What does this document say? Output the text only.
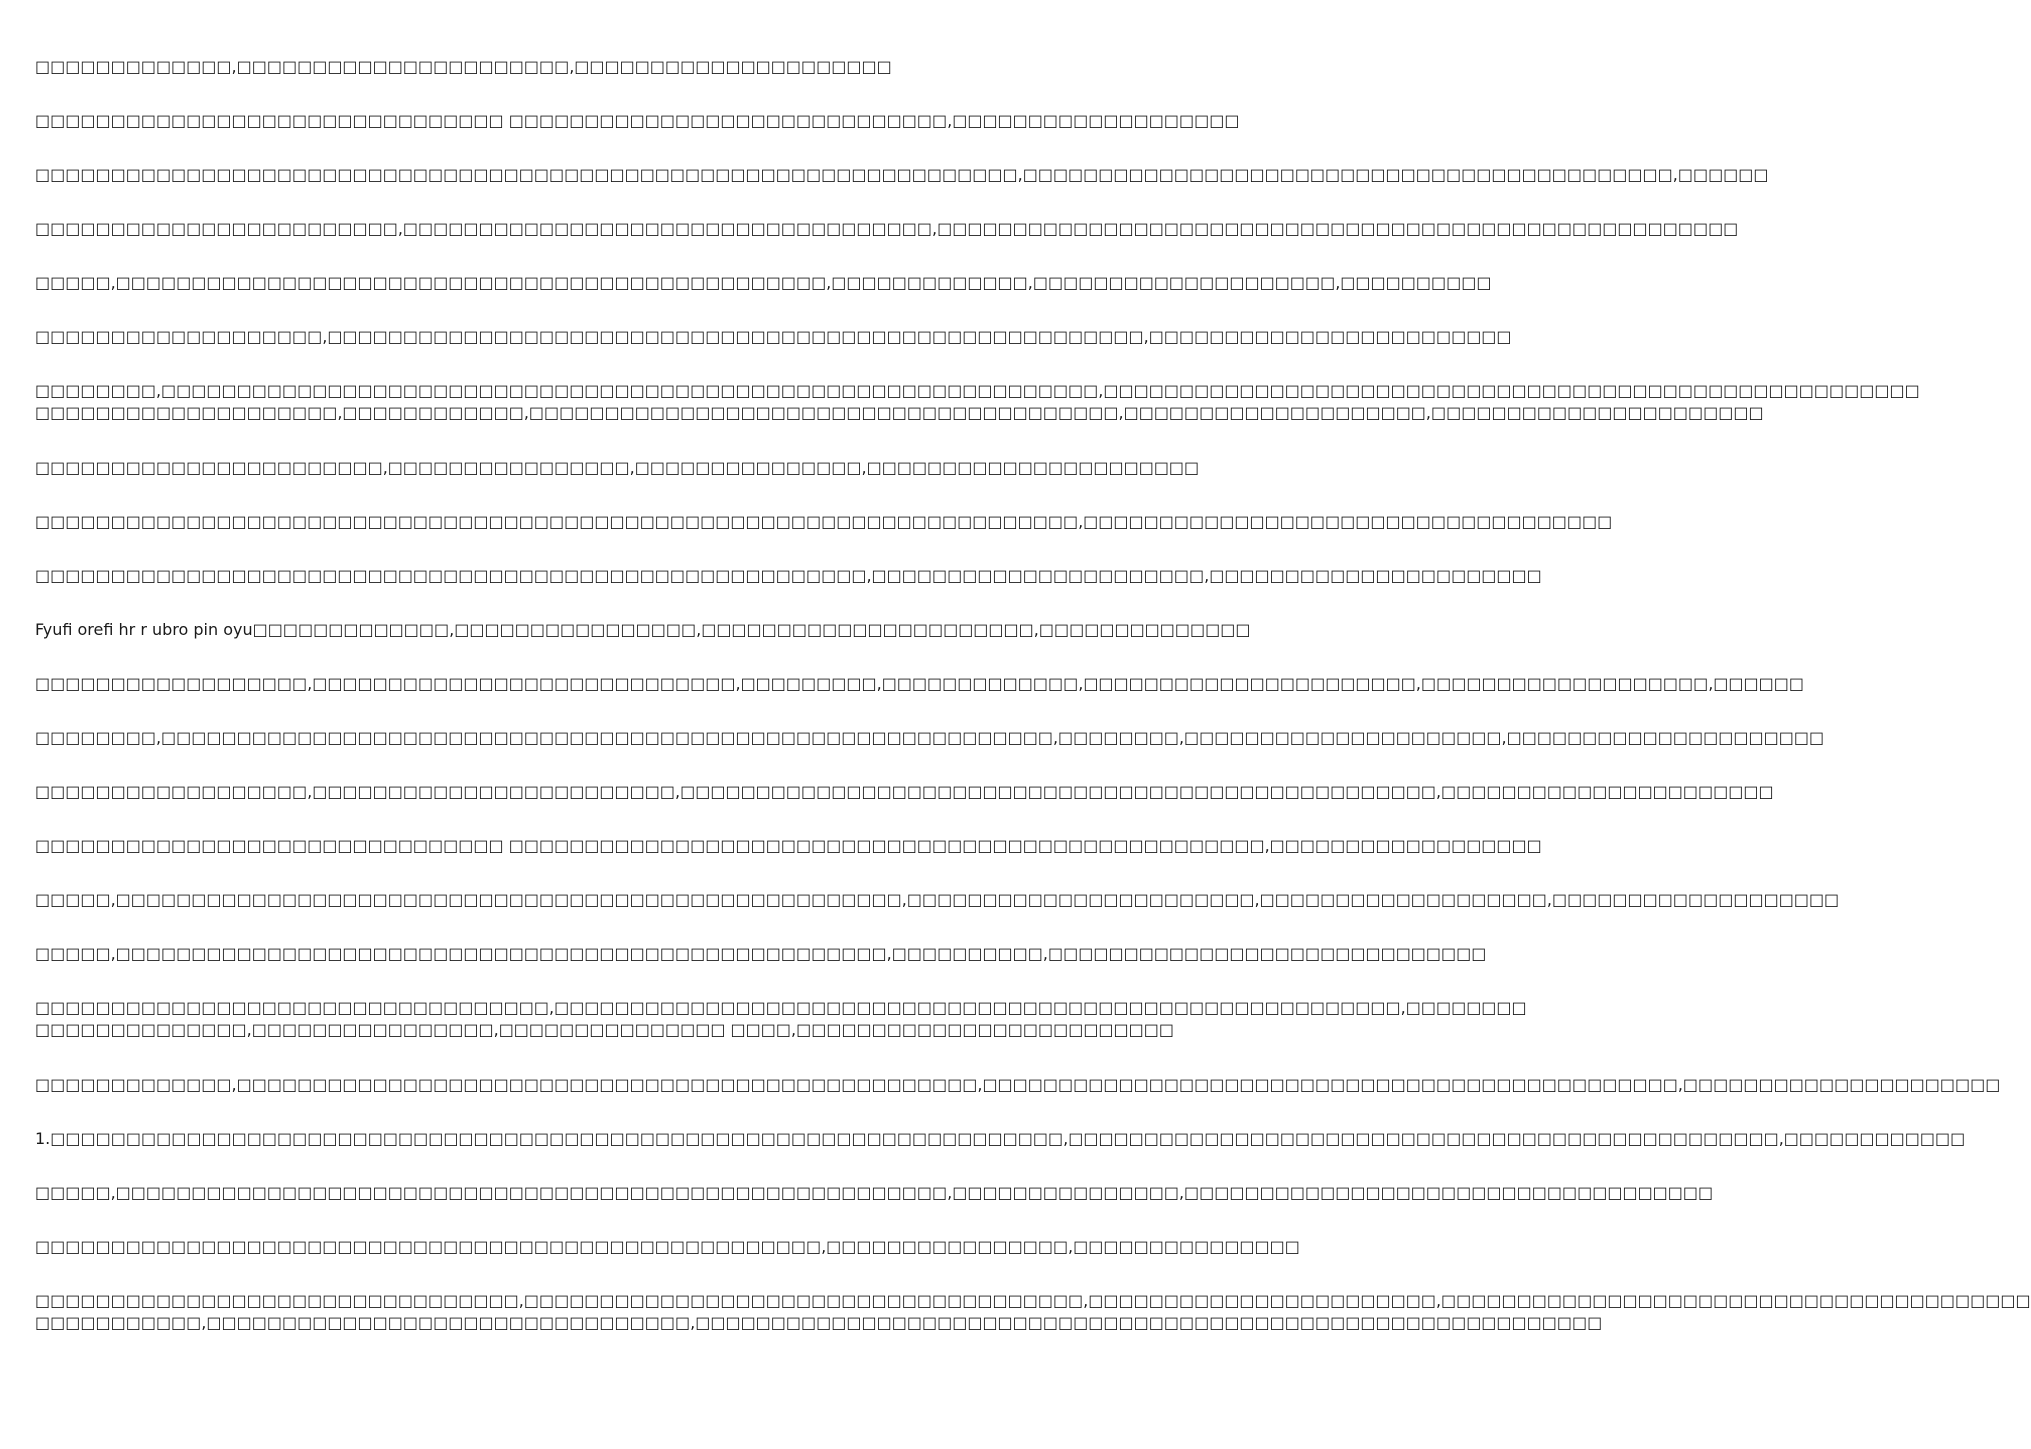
□□□□□□□□□□□□□,□□□□□□□□□□□□□□□□□□□□□□,□□□□□□□□□□□□□□□□□□□□□

□□□□□□□□□□□□□□□□□□□□□□□□□□□□□□□ □□□□□□□□□□□□□□□□□□□□□□□□□□□□□,□□□□□□□□□□□□□□□□□□□

□□□□□□□□□□□□□□□□□□□□□□□□□□□□□□□□□□□□□□□□□□□□□□□□□□□□□□□□□□□□□□□□□,□□□□□□□□□□□□□□□□□□□□□□□□□□□□□□□□□□□□□□□□□□□,□□□□□□

□□□□□□□□□□□□□□□□□□□□□□□□,□□□□□□□□□□□□□□□□□□□□□□□□□□□□□□□□□□□,□□□□□□□□□□□□□□□□□□□□□□□□□□□□□□□□□□□□□□□□□□□□□□□□□□□□□

□□□□□,□□□□□□□□□□□□□□□□□□□□□□□□□□□□□□□□□□□□□□□□□□□□□□□,□□□□□□□□□□□□□,□□□□□□□□□□□□□□□□□□□□,□□□□□□□□□□

□□□□□□□□□□□□□□□□□□□,□□□□□□□□□□□□□□□□□□□□□□□□□□□□□□□□□□□□□□□□□□□□□□□□□□□□□□,□□□□□□□□□□□□□□□□□□□□□□□□

□□□□□□□□,□□□□□□□□□□□□□□□□□□□□□□□□□□□□□□□□□□□□□□□□□□□□□□□□□□□□□□□□□□□□□□,□□□□□□□□□□□□□□□□□□□□□□□□□□□□□□□□□□□□□□□□□□□□□□□□□□□□□□
□□□□□□□□□□□□□□□□□□□□,□□□□□□□□□□□□,□□□□□□□□□□□□□□□□□□□□□□□□□□□□□□□□□□□□□□□,□□□□□□□□□□□□□□□□□□□□,□□□□□□□□□□□□□□□□□□□□□□

□□□□□□□□□□□□□□□□□□□□□□□,□□□□□□□□□□□□□□□□,□□□□□□□□□□□□□□□,□□□□□□□□□□□□□□□□□□□□□□

□□□□□□□□□□□□□□□□□□□□□□□□□□□□□□□□□□□□□□□□□□□□□□□□□□□□□□□□□□□□□□□□□□□□□,□□□□□□□□□□□□□□□□□□□□□□□□□□□□□□□□□□□

□□□□□□□□□□□□□□□□□□□□□□□□□□□□□□□□□□□□□□□□□□□□□□□□□□□□□□□,□□□□□□□□□□□□□□□□□□□□□□,□□□□□□□□□□□□□□□□□□□□□□

Fyufi orefi hr r ubro pin oyu□□□□□□□□□□□□□,□□□□□□□□□□□□□□□□,□□□□□□□□□□□□□□□□□□□□□□,□□□□□□□□□□□□□□

□□□□□□□□□□□□□□□□□□,□□□□□□□□□□□□□□□□□□□□□□□□□□□□,□□□□□□□□□,□□□□□□□□□□□□□,□□□□□□□□□□□□□□□□□□□□□□,□□□□□□□□□□□□□□□□□□□,□□□□□□

□□□□□□□□,□□□□□□□□□□□□□□□□□□□□□□□□□□□□□□□□□□□□□□□□□□□□□□□□□□□□□□□□□□□,□□□□□□□□,□□□□□□□□□□□□□□□□□□□□□,□□□□□□□□□□□□□□□□□□□□□

□□□□□□□□□□□□□□□□□□,□□□□□□□□□□□□□□□□□□□□□□□□,□□□□□□□□□□□□□□□□□□□□□□□□□□□□□□□□□□□□□□□□□□□□□□□□□□,□□□□□□□□□□□□□□□□□□□□□□

□□□□□□□□□□□□□□□□□□□□□□□□□□□□□□□ □□□□□□□□□□□□□□□□□□□□□□□□□□□□□□□□□□□□□□□□□□□□□□□□□□,□□□□□□□□□□□□□□□□□□

□□□□□,□□□□□□□□□□□□□□□□□□□□□□□□□□□□□□□□□□□□□□□□□□□□□□□□□□□□,□□□□□□□□□□□□□□□□□□□□□□□,□□□□□□□□□□□□□□□□□□□,□□□□□□□□□□□□□□□□□□□

□□□□□,□□□□□□□□□□□□□□□□□□□□□□□□□□□□□□□□□□□□□□□□□□□□□□□□□□□,□□□□□□□□□□,□□□□□□□□□□□□□□□□□□□□□□□□□□□□□

□□□□□□□□□□□□□□□□□□□□□□□□□□□□□□□□□□,□□□□□□□□□□□□□□□□□□□□□□□□□□□□□□□□□□□□□□□□□□□□□□□□□□□□□□□□,□□□□□□□□
□□□□□□□□□□□□□□,□□□□□□□□□□□□□□□□,□□□□□□□□□□□□□□□ □□□□,□□□□□□□□□□□□□□□□□□□□□□□□□

□□□□□□□□□□□□□,□□□□□□□□□□□□□□□□□□□□□□□□□□□□□□□□□□□□□□□□□□□□□□□□□,□□□□□□□□□□□□□□□□□□□□□□□□□□□□□□□□□□□□□□□□□□□□□□,□□□□□□□□□□□□□□□□□□□□□

1.□□□□□□□□□□□□□□□□□□□□□□□□□□□□□□□□□□□□□□□□□□□□□□□□□□□□□□□□□□□□□□□□□□□,□□□□□□□□□□□□□□□□□□□□□□□□□□□□□□□□□□□□□□□□□□□□□□□,□□□□□□□□□□□□

□□□□□,□□□□□□□□□□□□□□□□□□□□□□□□□□□□□□□□□□□□□□□□□□□□□□□□□□□□□□□,□□□□□□□□□□□□□□□,□□□□□□□□□□□□□□□□□□□□□□□□□□□□□□□□□□□

□□□□□□□□□□□□□□□□□□□□□□□□□□□□□□□□□□□□□□□□□□□□□□□□□□□□,□□□□□□□□□□□□□□□□,□□□□□□□□□□□□□□□

□□□□□□□□□□□□□□□□□□□□□□□□□□□□□□□□,□□□□□□□□□□□□□□□□□□□□□□□□□□□□□□□□□□□□□,□□□□□□□□□□□□□□□□□□□□□□□,□□□□□□□□□□□□□□□□□□□□□□□□□□□□□□□□□□□□□□□
□□□□□□□□□□□,□□□□□□□□□□□□□□□□□□□□□□□□□□□□□□□□,□□□□□□□□□□□□□□□□□□□□□□□□□□□□□□□□□□□□□□□□□□□□□□□□□□□□□□□□□□□□
